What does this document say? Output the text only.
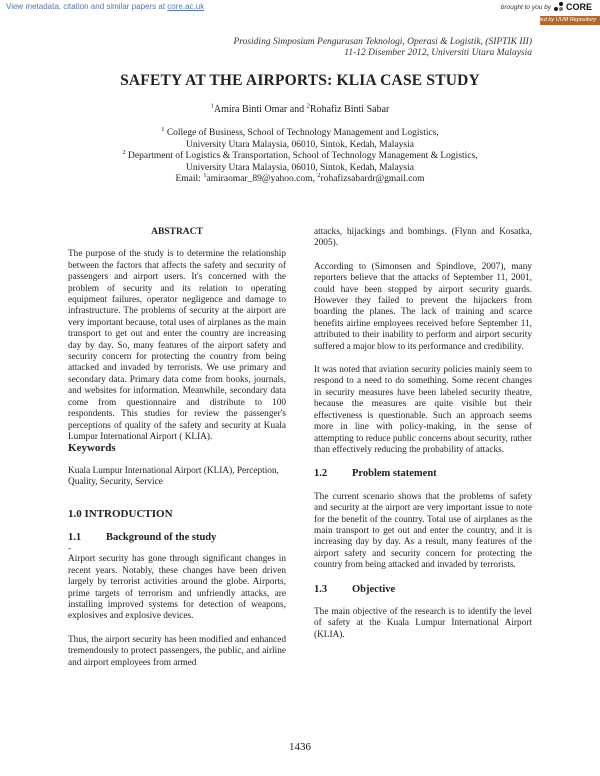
View metadata, citation and similar papers at core.ac.uk	brought to you by CORE
provided by UUM Repository
Prosiding Simposium Pengurusan Teknologi, Operasi & Logistik, (SIPTIK III)
11-12 Disember 2012, Universiti Utara Malaysia
SAFETY AT THE AIRPORTS: KLIA CASE STUDY
$^1$Amira Binti Omar and $^2$Rohafiz Binti Sabar
$^1$ College of Business, School of Technology Management and Logistics,
University Utara Malaysia, 06010, Sintok, Kedah, Malaysia
$^2$ Department of Logistics & Transportation, School of Technology Management & Logistics,
University Utara Malaysia, 06010, Sintok, Kedah, Malaysia
Email: $^1$amiraomar_89@yahoo.com, $^2$rohafizsabardr@gmail.com

ABSTRACT

The purpose of the study is to determine the relationship between the factors that affects the safety and security of passengers and airport users. It's concerned with the problem of security and its relation to operating equipment failures, operator negligence and damage to infrastructure. The problems of security at the airport are very important because, total uses of airplanes as the main transport to get out and enter the country are increasing day by day. So, many features of the airport safety and security concern for protecting the country from being attacked and invaded by terrorists. We use primary and secondary data. Primary data come from books, journals, and websites for information. Meanwhile, secondary data come from questionnaire and distribute to 100 respondents. This studies for review the passenger's perceptions of quality of the safety and security at Kuala Lumpur International Airport ( KLIA).

Keywords

Kuala Lumpur International Airport (KLIA), Perception, Quality, Security, Service

1.0 INTRODUCTION

1.1	Background of the study

-

Airport security has gone through significant changes in recent years. Notably, these changes have been driven largely by terrorist activities around the globe. Airports, prime targets of terrorism and unfriendly attacks, are installing improved systems for detection of weapons, explosives and explosive devices.

Thus, the airport security has been modified and enhanced tremendously to protect passengers, the public, and airline and airport employees from armed

attacks, hijackings and bombings. (Flynn and Kosatka, 2005).

According to (Simonsen and Spindlove, 2007), many reporters believe that the attacks of September 11, 2001, could have been stopped by airport security guards. However they failed to prevent the hijackers from boarding the planes. The lack of training and scarce benefits airline employees received before September 11, attributed to their inability to perform and airport security suffered a major blow to its performance and credibility.

It was noted that aviation security policies mainly seem to respond to a need to do something. Some recent changes in security measures have been labeled security theatre, because the measures are quite visible but their effectiveness is questionable. Such an approach seems more in line with policy-making, in the sense of attempting to reduce public concerns about security, rather than effectively reducing the probability of attacks.

1.2	Problem statement

The current scenario shows that the problems of safety and security at the airport are very important issue to note for the benefit of the country. Total use of airplanes as the main transport to get out and enter the country, and it is increasing day by day. As a result, many features of the airport safety and security concern for protecting the country from being attacked and invaded by terrorists.

1.3	Objective

The main objective of the research is to identify the level of safety at the Kuala Lumpur International Airport (KLIA).

1436
